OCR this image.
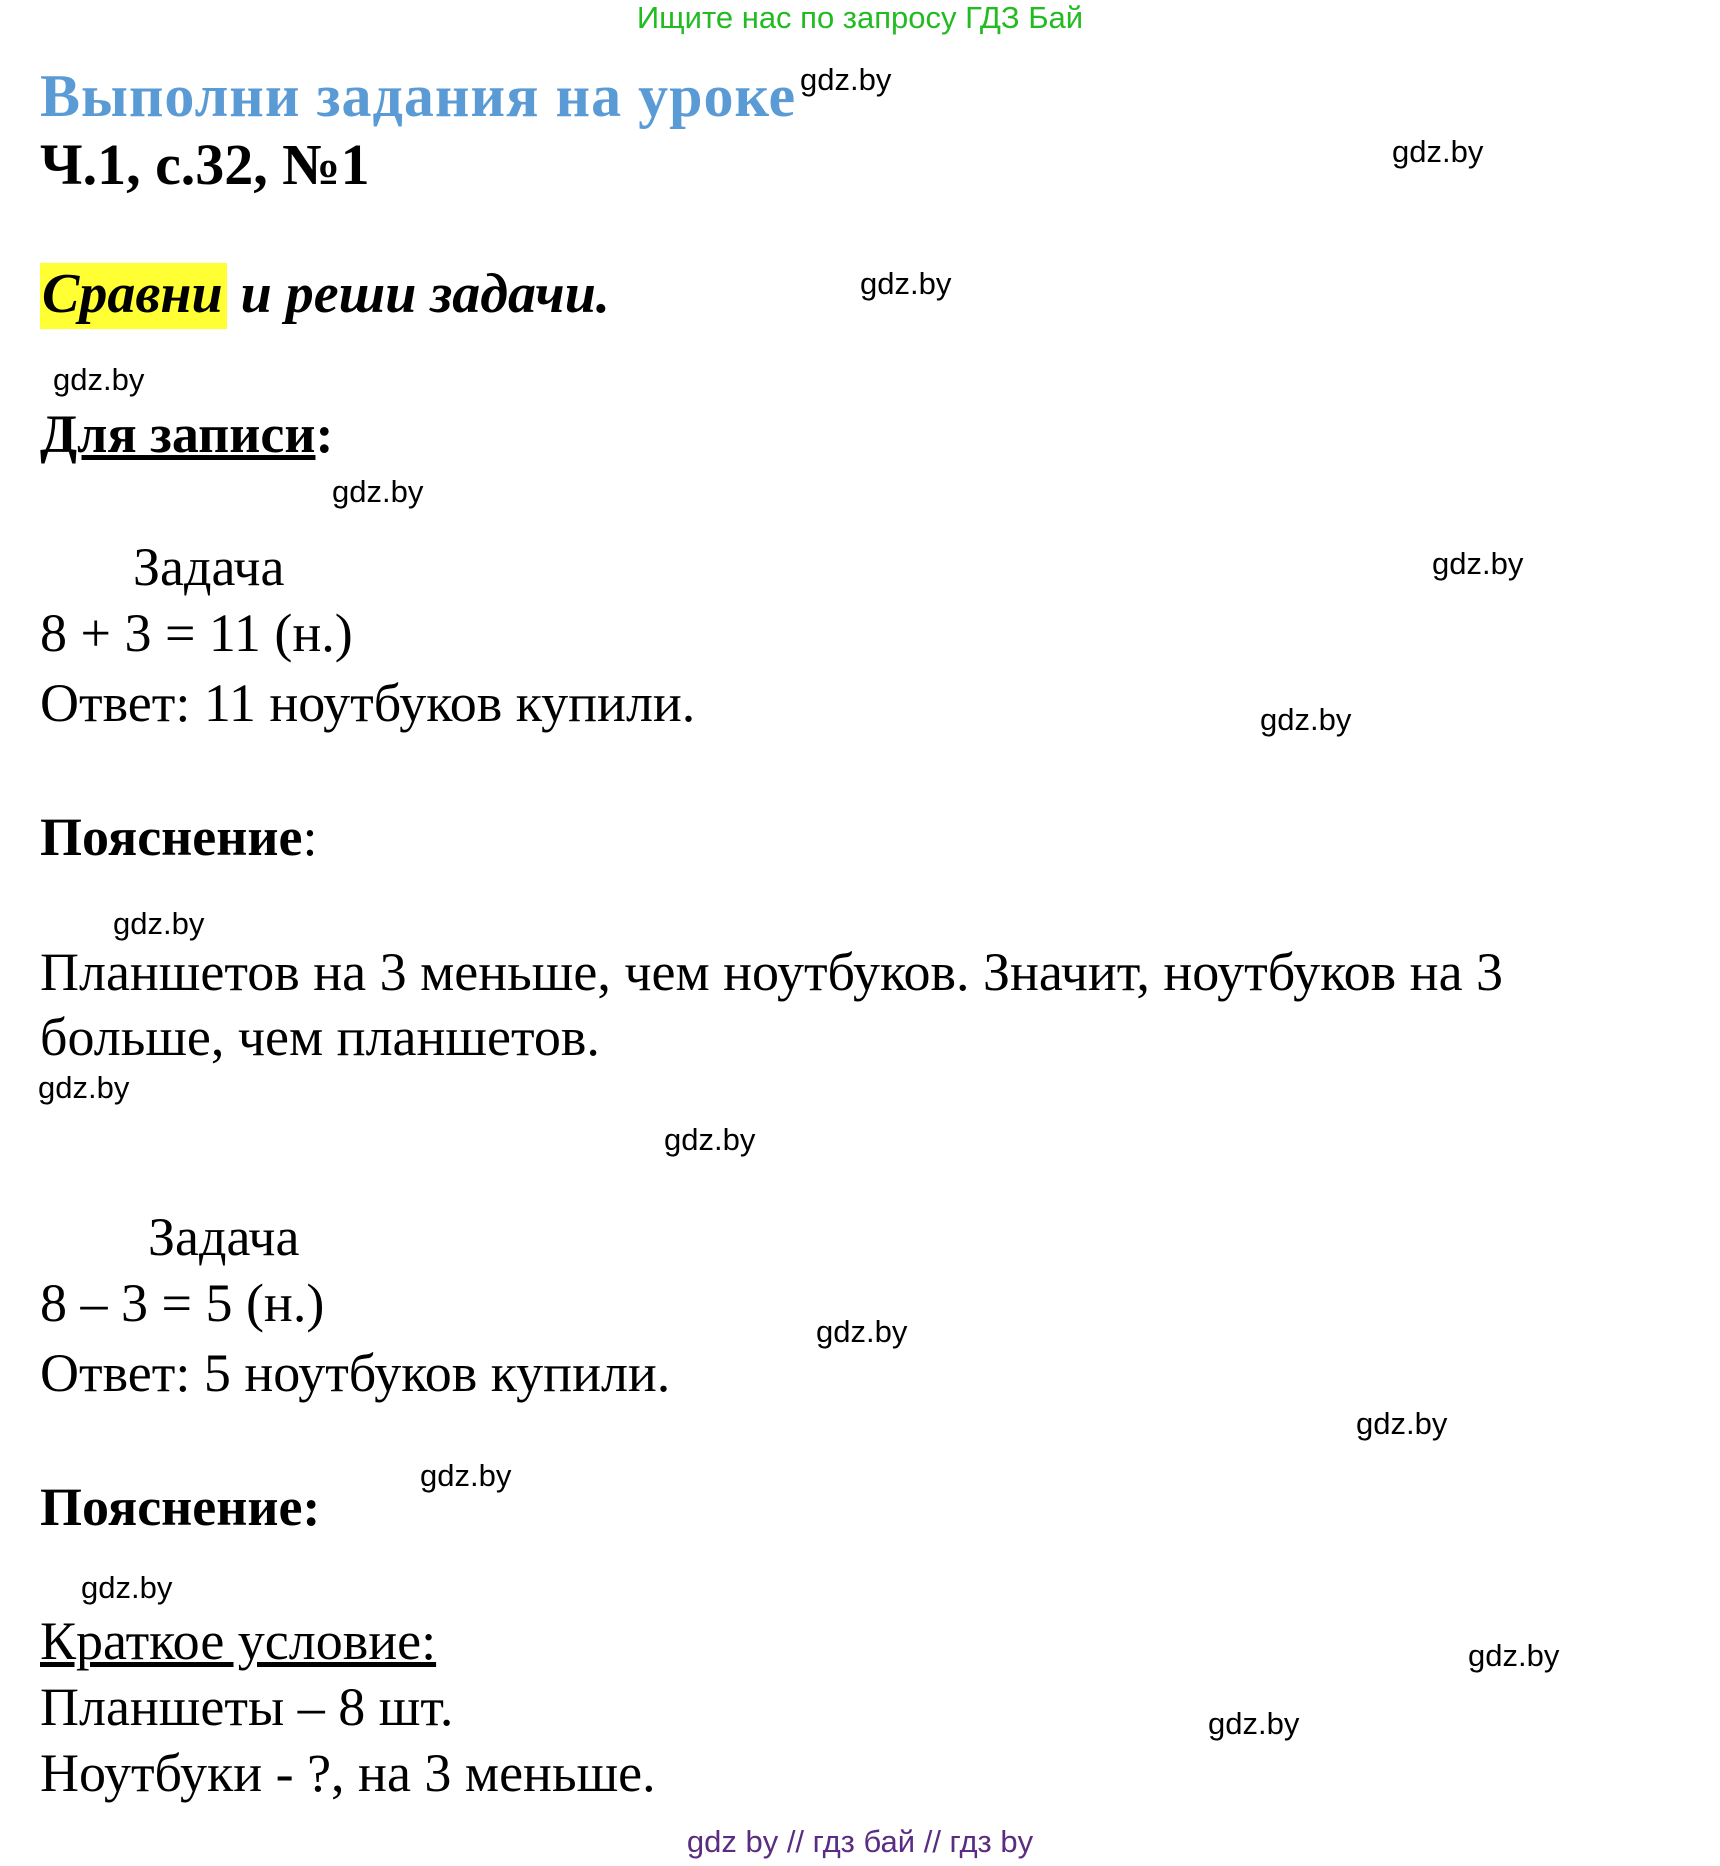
Ищите нас по запросу ГДЗ Бай
Выполни задания на уроке
Ч.1, с.32, №1
Сравни и реши задачи.
Для записи:
Задача
8 + 3 = 11 (н.)
Ответ: 11 ноутбуков купили.
Пояснение:
Планшетов на 3 меньше, чем ноутбуков. Значит, ноутбуков на 3
больше, чем планшетов.
Задача
8 – 3 = 5 (н.)
Ответ: 5 ноутбуков купили.
Пояснение:
Краткое условие:
Планшеты – 8 шт.
Ноутбуки - ?, на 3 меньше.
gdz.by
gdz.by
gdz.by
gdz.by
gdz.by
gdz.by
gdz.by
gdz.by
gdz.by
gdz.by
gdz.by
gdz.by
gdz.by
gdz.by
gdz.by
gdz.by
gdz by // гдз бай // гдз by
